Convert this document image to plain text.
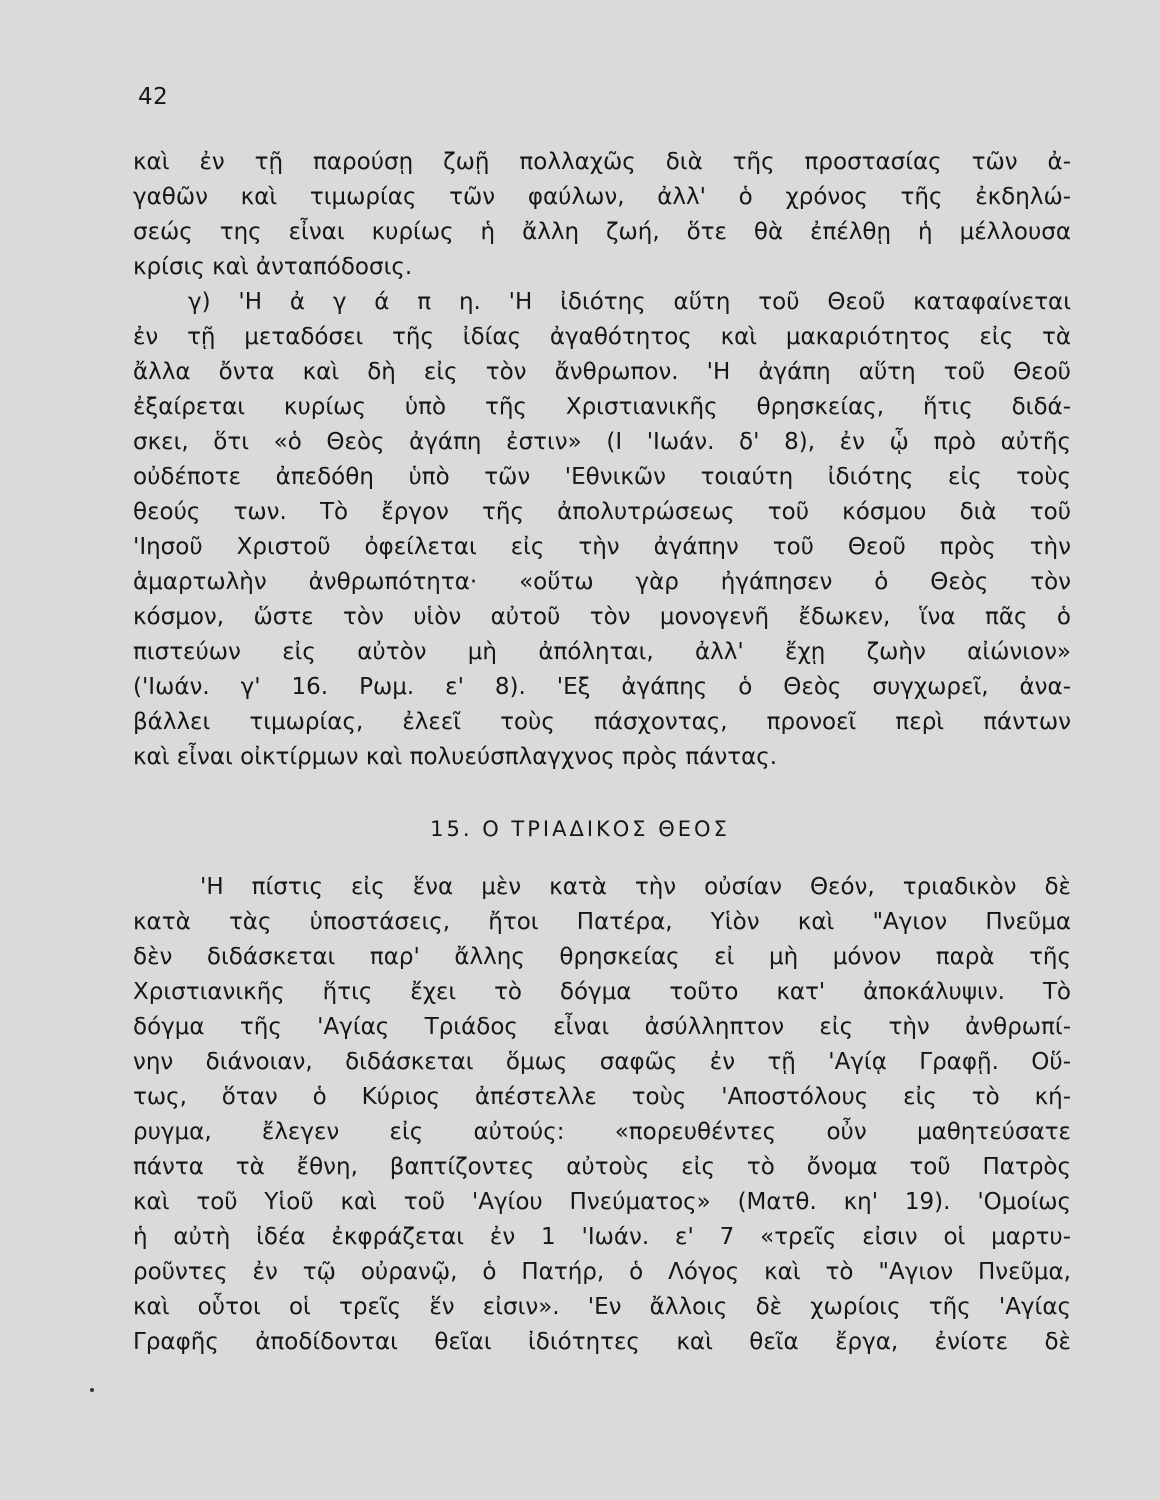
42
καὶ ἐν τῇ παρούσῃ ζωῇ πολλαχῶς διὰ τῆς προστασίας τῶν ἀ-
γαθῶν καὶ τιμωρίας τῶν φαύλων, ἀλλ' ὁ χρόνος τῆς ἐκδηλώ-
σεώς της εἶναι κυρίως ἡ ἄλλη ζωή, ὅτε θὰ ἐπέλθῃ ἡ μέλλουσα
κρίσις καὶ ἀνταπόδοσις.
γ) 'Η ἀ γ ά π η. 'Η ἰδιότης αὕτη τοῦ Θεοῦ καταφαίνεται
ἐν τῇ μεταδόσει τῆς ἰδίας ἀγαθότητος καὶ μακαριότητος εἰς τὰ
ἄλλα ὄντα καὶ δὴ εἰς τὸν ἄνθρωπον. 'Η ἀγάπη αὕτη τοῦ Θεοῦ
ἐξαίρεται κυρίως ὑπὸ τῆς Χριστιανικῆς θρησκείας, ἥτις διδά-
σκει, ὅτι «ὁ Θεὸς ἀγάπη ἐστιν» (Ι 'Ιωάν. δ' 8), ἐν ᾧ πρὸ αὐτῆς
οὐδέποτε ἀπεδόθη ὑπὸ τῶν 'Εθνικῶν τοιαύτη ἰδιότης εἰς τοὺς
θεούς των. Τὸ ἔργον τῆς ἀπολυτρώσεως τοῦ κόσμου διὰ τοῦ
'Ιησοῦ Χριστοῦ ὀφείλεται εἰς τὴν ἀγάπην τοῦ Θεοῦ πρὸς τὴν
ἁμαρτωλὴν ἀνθρωπότητα· «οὕτω γὰρ ἠγάπησεν ὁ Θεὸς τὸν
κόσμον, ὥστε τὸν υἱὸν αὐτοῦ τὸν μονογενῆ ἔδωκεν, ἵνα πᾶς ὁ
πιστεύων εἰς αὐτὸν μὴ ἀπόληται, ἀλλ' ἔχῃ ζωὴν αἰώνιον»
('Ιωάν. γ' 16. Ρωμ. ε' 8). 'Εξ ἀγάπης ὁ Θεὸς συγχωρεῖ, ἀνα-
βάλλει τιμωρίας, ἐλεεῖ τοὺς πάσχοντας, προνοεῖ περὶ πάντων
καὶ εἶναι οἰκτίρμων καὶ πολυεύσπλαγχνος πρὸς πάντας.
15. Ο ΤΡΙΑΔΙΚΟΣ ΘΕΟΣ
'Η πίστις εἰς ἕνα μὲν κατὰ τὴν οὐσίαν Θεόν, τριαδικὸν δὲ
κατὰ τὰς ὑποστάσεις, ἤτοι Πατέρα, Υἱὸν καὶ "Αγιον Πνεῦμα
δὲν διδάσκεται παρ' ἄλλης θρησκείας εἰ μὴ μόνον παρὰ τῆς
Χριστιανικῆς ἥτις ἔχει τὸ δόγμα τοῦτο κατ' ἀποκάλυψιν. Τὸ
δόγμα τῆς 'Αγίας Τριάδος εἶναι ἀσύλληπτον εἰς τὴν ἀνθρωπί-
νην διάνοιαν, διδάσκεται ὅμως σαφῶς ἐν τῇ 'Αγίᾳ Γραφῇ. Οὕ-
τως, ὅταν ὁ Κύριος ἀπέστελλε τοὺς 'Αποστόλους εἰς τὸ κή-
ρυγμα, ἔλεγεν εἰς αὐτούς: «πορευθέντες οὖν μαθητεύσατε
πάντα τὰ ἔθνη, βαπτίζοντες αὐτοὺς εἰς τὸ ὄνομα τοῦ Πατρὸς
καὶ τοῦ Υἱοῦ καὶ τοῦ 'Αγίου Πνεύματος» (Ματθ. κη' 19). 'Ομοίως
ἡ αὐτὴ ἰδέα ἐκφράζεται ἐν 1 'Ιωάν. ε' 7 «τρεῖς εἰσιν οἱ μαρτυ-
ροῦντες ἐν τῷ οὐρανῷ, ὁ Πατήρ, ὁ Λόγος καὶ τὸ "Αγιον Πνεῦμα,
καὶ οὗτοι οἱ τρεῖς ἕν εἰσιν». 'Εν ἄλλοις δὲ χωρίοις τῆς 'Αγίας
Γραφῆς ἀποδίδονται θεῖαι ἰδιότητες καὶ θεῖα ἔργα, ἐνίοτε δὲ
